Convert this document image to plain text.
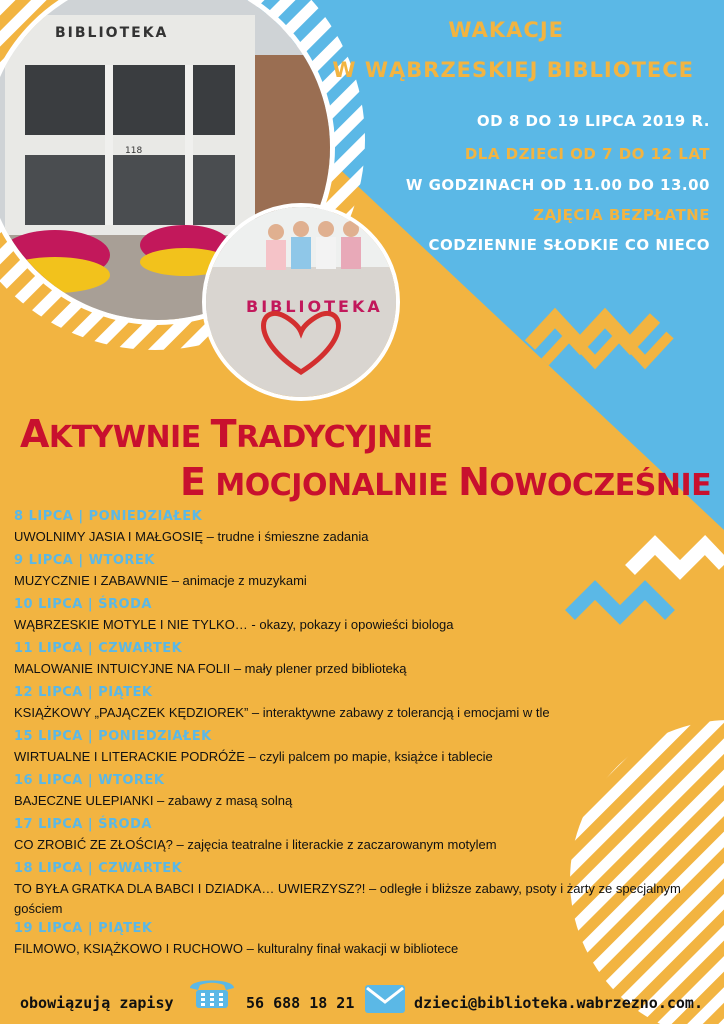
BIBLIOTEKA
118
BIBLIOTEKA
WAKACJE
W WĄBRZESKIEJ BIBLIOTECE
OD 8 DO 19 LIPCA 2019 R.
DLA DZIECI OD 7 DO 12 LAT
W GODZINACH OD 11.00 DO 13.00
ZAJĘCIA BEZPŁATNE
CODZIENNIE SŁODKIE CO NIECO
AKTYWNIE TRADYCYJNIE
E MOCJONALNIE NOWOCZEŚNIE
8 LIPCA | PONIEDZIAŁEK
UWOLNIMY JASIA I MAŁGOSIĘ – trudne i śmieszne zadania
9 LIPCA | WTOREK
MUZYCZNIE I ZABAWNIE – animacje z muzykami
10 LIPCA | ŚRODA
WĄBRZESKIE MOTYLE I NIE TYLKO… - okazy, pokazy i opowieści biologa
11 LIPCA | CZWARTEK
MALOWANIE INTUICYJNE NA FOLII – mały plener przed biblioteką
12 LIPCA | PIĄTEK
KSIĄŻKOWY „PAJĄCZEK KĘDZIOREK” – interaktywne zabawy z tolerancją i emocjami w tle
15 LIPCA | PONIEDZIAŁEK
WIRTUALNE I LITERACKIE PODRÓŻE – czyli palcem po mapie, książce i tablecie
16 LIPCA | WTOREK
BAJECZNE ULEPIANKI – zabawy z masą solną
17 LIPCA | ŚRODA
CO ZROBIĆ ZE ZŁOŚCIĄ? – zajęcia teatralne i literackie z zaczarowanym motylem
18 LIPCA | CZWARTEK
TO BYŁA GRATKA DLA BABCI I DZIADKA… UWIERZYSZ?! – odległe i bliższe zabawy, psoty i żarty ze specjalnym gościem
19 LIPCA | PIĄTEK
FILMOWO, KSIĄŻKOWO I RUCHOWO – kulturalny finał wakacji w bibliotece
obowiązują zapisy	56 688 18 21	dzieci@biblioteka.wabrzezno.com.
